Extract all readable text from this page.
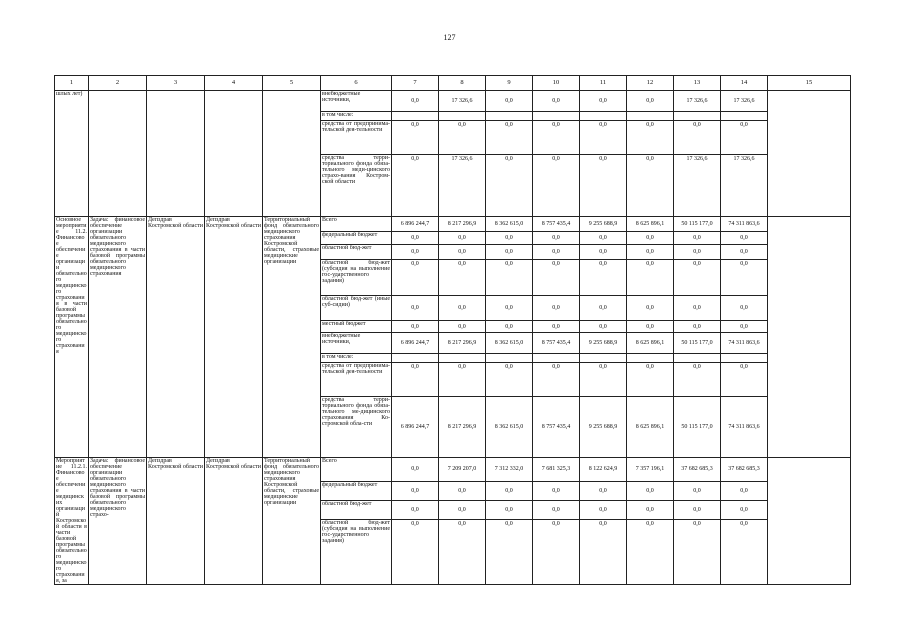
127
1	2	3	4	5	6	7	8	9	10	11	12	13	14	15
шлых лет)					внебюджетные источники,	0,0	17 326,6	0,0	0,0	0,0	0,0	17 326,6	17 326,6	
					в том числе:									
					средства от предпринима-тельской дея-тельности	0,0	0,0	0,0	0,0	0,0	0,0	0,0	0,0	
					средства терри-ториального фонда обяза-тельного меди-цинского страхо-вания Костром-ской области	0,0	17 326,6	0,0	0,0	0,0	0,0	17 326,6	17 326,6	
Основное мероприятие 11.2. Финансовое обеспечение организации обязательного медицинского страхования в части базовой программы обязательного медицинского страхования	Задача: финансовое обеспечение организации обязательного медицинского страхования в части базовой программы обязательного медицинского страхования	Депздрав Костромской области	Депздрав Костромской области	Территориальный фонд обязательного медицинского страхования Костромской области, страховые медицинские организации	Всего	6 896 244,7	8 217 296,9	8 362 615,0	8 757 435,4	9 255 688,9	8 625 896,1	50 115 177,0	74 311 863,6	
					федеральный бюджет	0,0	0,0	0,0	0,0	0,0	0,0	0,0	0,0	
					областной бюд-жет	0,0	0,0	0,0	0,0	0,0	0,0	0,0	0,0	
					областной бюд-жет (субсидия на выполнение гос-ударственного задания)	0,0	0,0	0,0	0,0	0,0	0,0	0,0	0,0	
					областной бюд-жет (иные суб-сидии)	0,0	0,0	0,0	0,0	0,0	0,0	0,0	0,0	
					местный бюджет	0,0	0,0	0,0	0,0	0,0	0,0	0,0	0,0	
					внебюджетные источники,	6 896 244,7	8 217 296,9	8 362 615,0	8 757 435,4	9 255 688,9	8 625 896,1	50 115 177,0	74 311 863,6	
					в том числе:									
					средства от предпринима-тельской дея-тельности	0,0	0,0	0,0	0,0	0,0	0,0	0,0	0,0	
					средства терри-ториального фонда обяза-тельного ме-дицинского страхования Ко-стромской обла-сти	6 896 244,7	8 217 296,9	8 362 615,0	8 757 435,4	9 255 688,9	8 625 896,1	50 115 177,0	74 311 863,6	
Мероприятие 11.2.1. Финансовое обеспечение медицинских организаций Костромской области в части базовой программы обязательного медицинского страхования, за	Задача: финансовое обеспечение организации обязательного медицинского страхования в части базовой программы обязательного медицинского страхо-	Депздрав Костромской области	Депздрав Костромской области	Территориальный фонд обязательного медицинского страхования Костромской области, страховые медицинские организации	Всего	0,0	7 209 207,0	7 312 332,0	7 681 325,3	8 122 624,9	7 357 196,1	37 682 685,3	37 682 685,3	
					федеральный бюджет	0,0	0,0	0,0	0,0	0,0	0,0	0,0	0,0	
					областной бюд-жет	0,0	0,0	0,0	0,0	0,0	0,0	0,0	0,0	
					областной бюд-жет (субсидия на выполнение гос-ударственного задания)	0,0	0,0	0,0	0,0	0,0	0,0	0,0	0,0	
